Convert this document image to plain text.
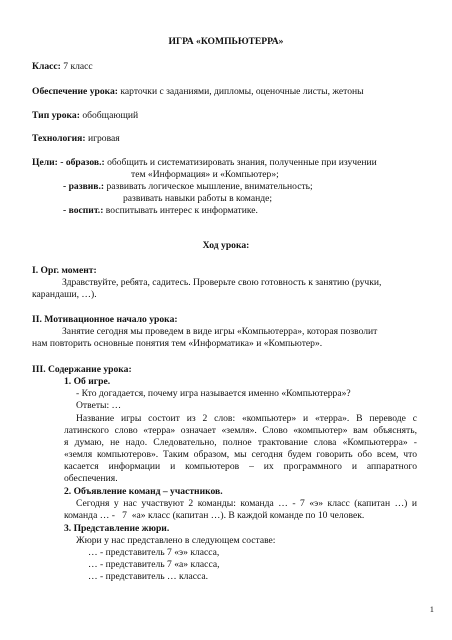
ИГРА «КОМПЬЮТЕРРА»
Класс: 7 класс
Обеспечение урока: карточки с заданиями, дипломы, оценочные листы, жетоны
Тип урока: обобщающий
Технология: игровая
Цели: - образов.: обобщить и систематизировать знания, полученные при изучении
тем «Информация» и «Компьютер»;
- развив.: развивать логическое мышление, внимательность;
развивать навыки работы в команде;
- воспит.: воспитывать интерес к информатике.
Ход урока:
I. Орг. момент:
Здравствуйте, ребята, садитесь. Проверьте свою готовность к занятию (ручки,
карандаши, …).
II. Мотивационное начало урока:
Занятие сегодня мы проведем в виде игры «Компьютерра», которая позволит
нам повторить основные понятия тем «Информатика» и «Компьютер».
III. Содержание урока:
1. Об игре.
- Кто догадается, почему игра называется именно «Компьютерра»?
Ответы: …
Название игры состоит из 2 слов: «компьютер» и «терра». В переводе с
латинского слово «терра» означает «земля». Слово «компьютер» вам объяснять,
я думаю, не надо. Следовательно, полное трактование слова «Компьютерра» -
«земля компьютеров». Таким образом, мы сегодня будем говорить обо всем, что
касается информации и компьютеров – их программного и аппаратного
обеспечения.
2. Объявление команд – участников.
Сегодня у нас участвуют 2 команды: команда … - 7 «э» класс (капитан …) и
команда … -   7  «а» класс (капитан …). В каждой команде по 10 человек.
3. Представление жюри.
Жюри у нас представлено в следующем составе:
… - представитель 7 «э» класса,
… - представитель 7 «а» класса,
… - представитель … класса.
1
